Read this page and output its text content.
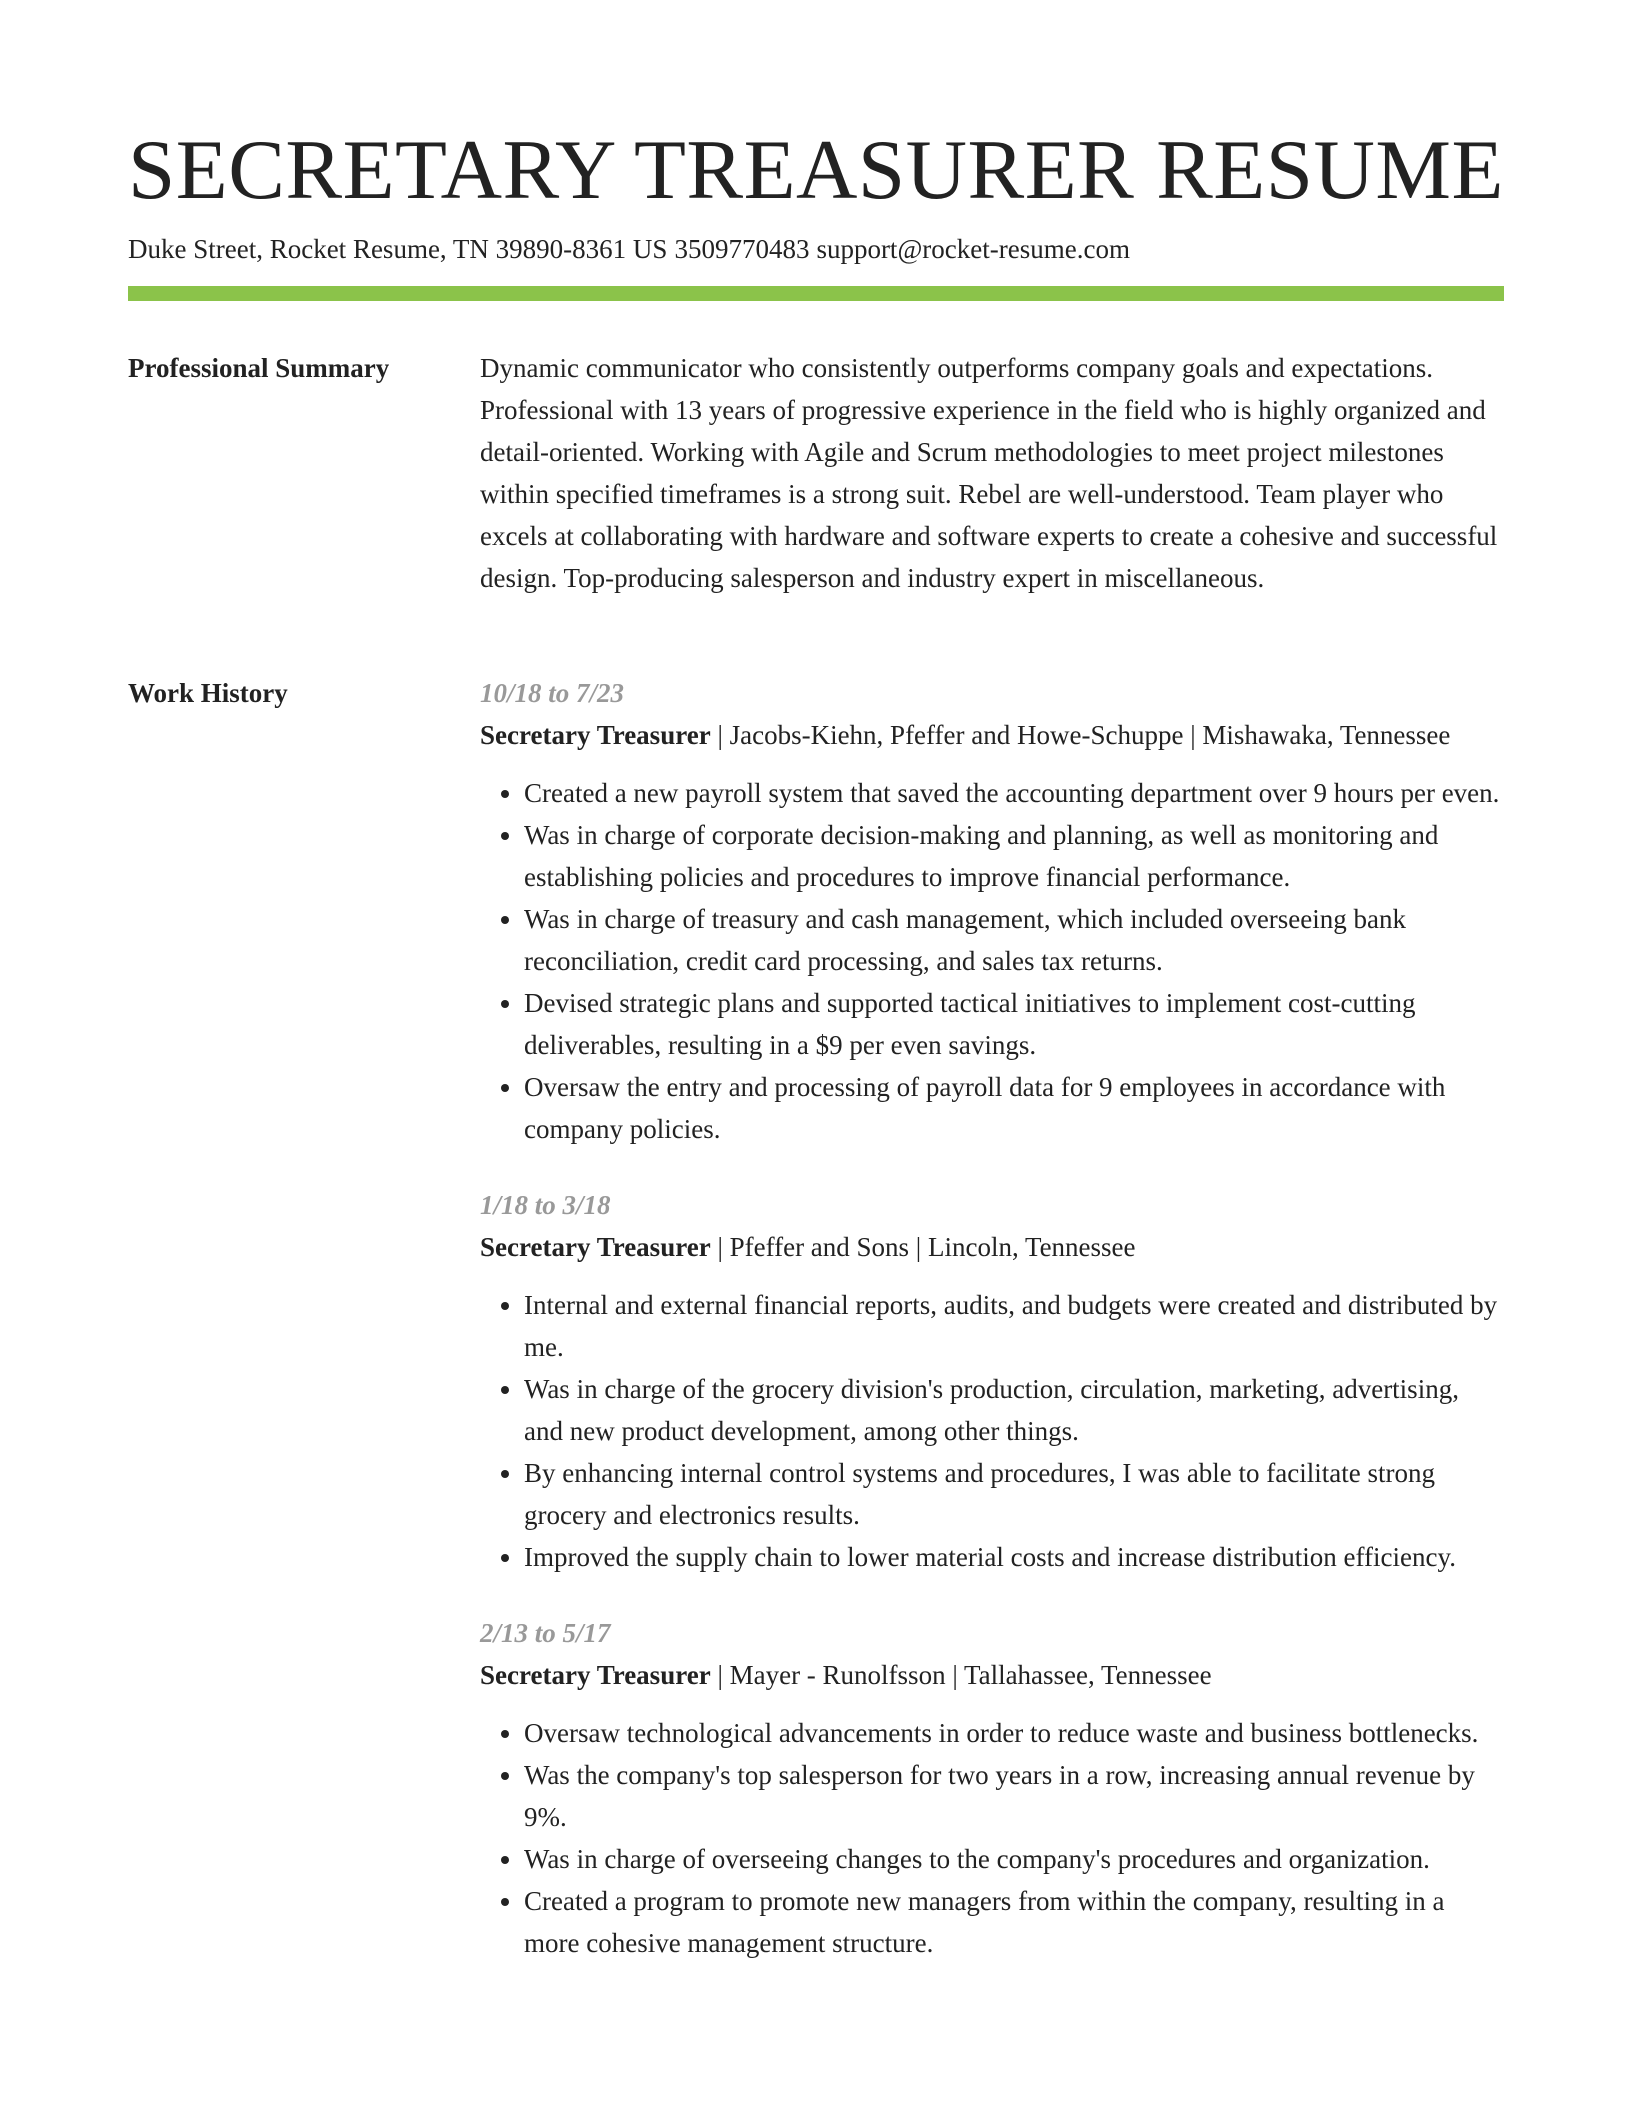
SECRETARY TREASURER RESUME
Duke Street, Rocket Resume, TN 39890-8361 US 3509770483 support@rocket-resume.com
Professional Summary	Dynamic communicator who consistently outperforms company goals and expectations. Professional with 13 years of progressive experience in the field who is highly organized and detail-oriented. Working with Agile and Scrum methodologies to meet project milestones within specified timeframes is a strong suit. Rebel are well-understood. Team player who excels at collaborating with hardware and software experts to create a cohesive and successful design. Top-producing salesperson and industry expert in miscellaneous.

Work History	10/18 to 7/23
Secretary Treasurer | Jacobs-Kiehn, Pfeffer and Howe-Schuppe | Mishawaka, Tennessee
• Created a new payroll system that saved the accounting department over 9 hours per even.
• Was in charge of corporate decision-making and planning, as well as monitoring and establishing policies and procedures to improve financial performance.
• Was in charge of treasury and cash management, which included overseeing bank reconciliation, credit card processing, and sales tax returns.
• Devised strategic plans and supported tactical initiatives to implement cost-cutting deliverables, resulting in a $9 per even savings.
• Oversaw the entry and processing of payroll data for 9 employees in accordance with company policies.
1/18 to 3/18
Secretary Treasurer | Pfeffer and Sons | Lincoln, Tennessee
• Internal and external financial reports, audits, and budgets were created and distributed by me.
• Was in charge of the grocery division's production, circulation, marketing, advertising, and new product development, among other things.
• By enhancing internal control systems and procedures, I was able to facilitate strong grocery and electronics results.
• Improved the supply chain to lower material costs and increase distribution efficiency.
2/13 to 5/17
Secretary Treasurer | Mayer - Runolfsson | Tallahassee, Tennessee
• Oversaw technological advancements in order to reduce waste and business bottlenecks.
• Was the company's top salesperson for two years in a row, increasing annual revenue by 9%.
• Was in charge of overseeing changes to the company's procedures and organization.
• Created a program to promote new managers from within the company, resulting in a more cohesive management structure.
